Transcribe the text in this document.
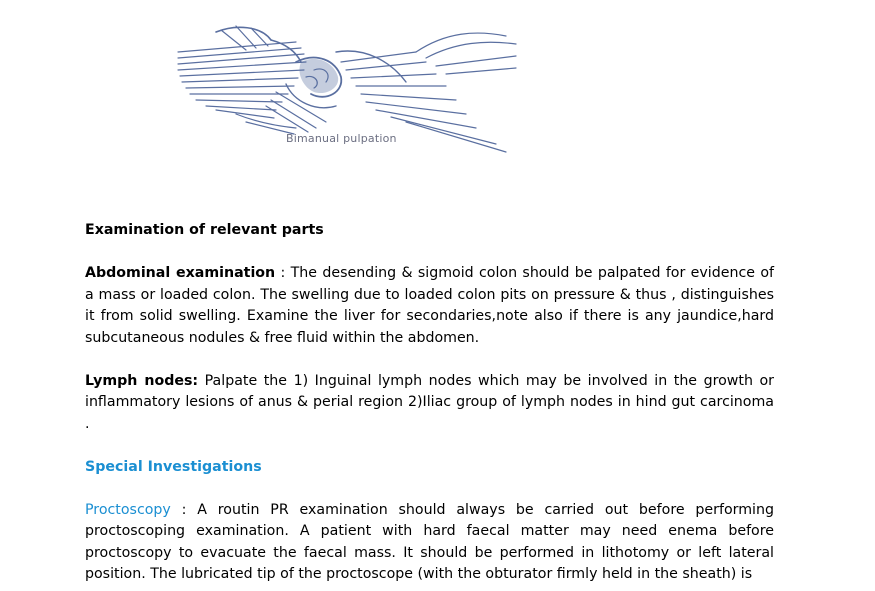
Bimanual pulpation

Examination of relevant parts

Abdominal examination : The desending & sigmoid colon should be palpated for evidence of a mass or loaded colon. The swelling due to loaded colon pits on pressure & thus , distinguishes it from solid swelling. Examine the liver for secondaries,note also if there is any jaundice,hard subcutaneous nodules & free fluid within the abdomen.

Lymph nodes: Palpate the 1) Inguinal lymph nodes which may be involved in the growth or inflammatory lesions of anus & perial region 2)Iliac group of lymph nodes in hind gut carcinoma .

Special Investigations

Proctoscopy : A routin PR examination should always be carried out before performing proctoscoping examination. A patient with hard faecal matter may need enema before proctoscopy to evacuate the faecal mass. It should be performed in lithotomy or left lateral position. The lubricated tip of the proctoscope (with the obturator firmly held in the sheath) is
